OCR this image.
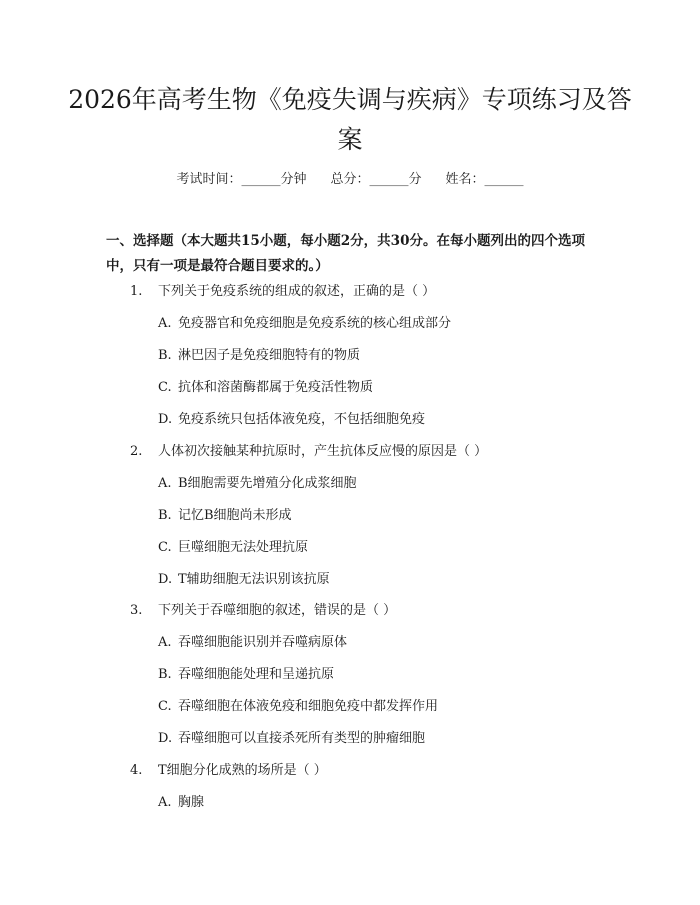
2026年高考生物《免疫失调与疾病》专项练习及答案
考试时间：______分钟 总分：______分 姓名：______

一、选择题（本大题共15小题，每小题2分，共30分。在每小题列出的四个选项中，只有一项是最符合题目要求的。）

1. 下列关于免疫系统的组成的叙述，正确的是（ ）
A. 免疫器官和免疫细胞是免疫系统的核心组成部分
B. 淋巴因子是免疫细胞特有的物质
C. 抗体和溶菌酶都属于免疫活性物质
D. 免疫系统只包括体液免疫，不包括细胞免疫
2. 人体初次接触某种抗原时，产生抗体反应慢的原因是（ ）
A. B细胞需要先增殖分化成浆细胞
B. 记忆B细胞尚未形成
C. 巨噬细胞无法处理抗原
D. T辅助细胞无法识别该抗原
3. 下列关于吞噬细胞的叙述，错误的是（ ）
A. 吞噬细胞能识别并吞噬病原体
B. 吞噬细胞能处理和呈递抗原
C. 吞噬细胞在体液免疫和细胞免疫中都发挥作用
D. 吞噬细胞可以直接杀死所有类型的肿瘤细胞
4. T细胞分化成熟的场所是（ ）
A. 胸腺
